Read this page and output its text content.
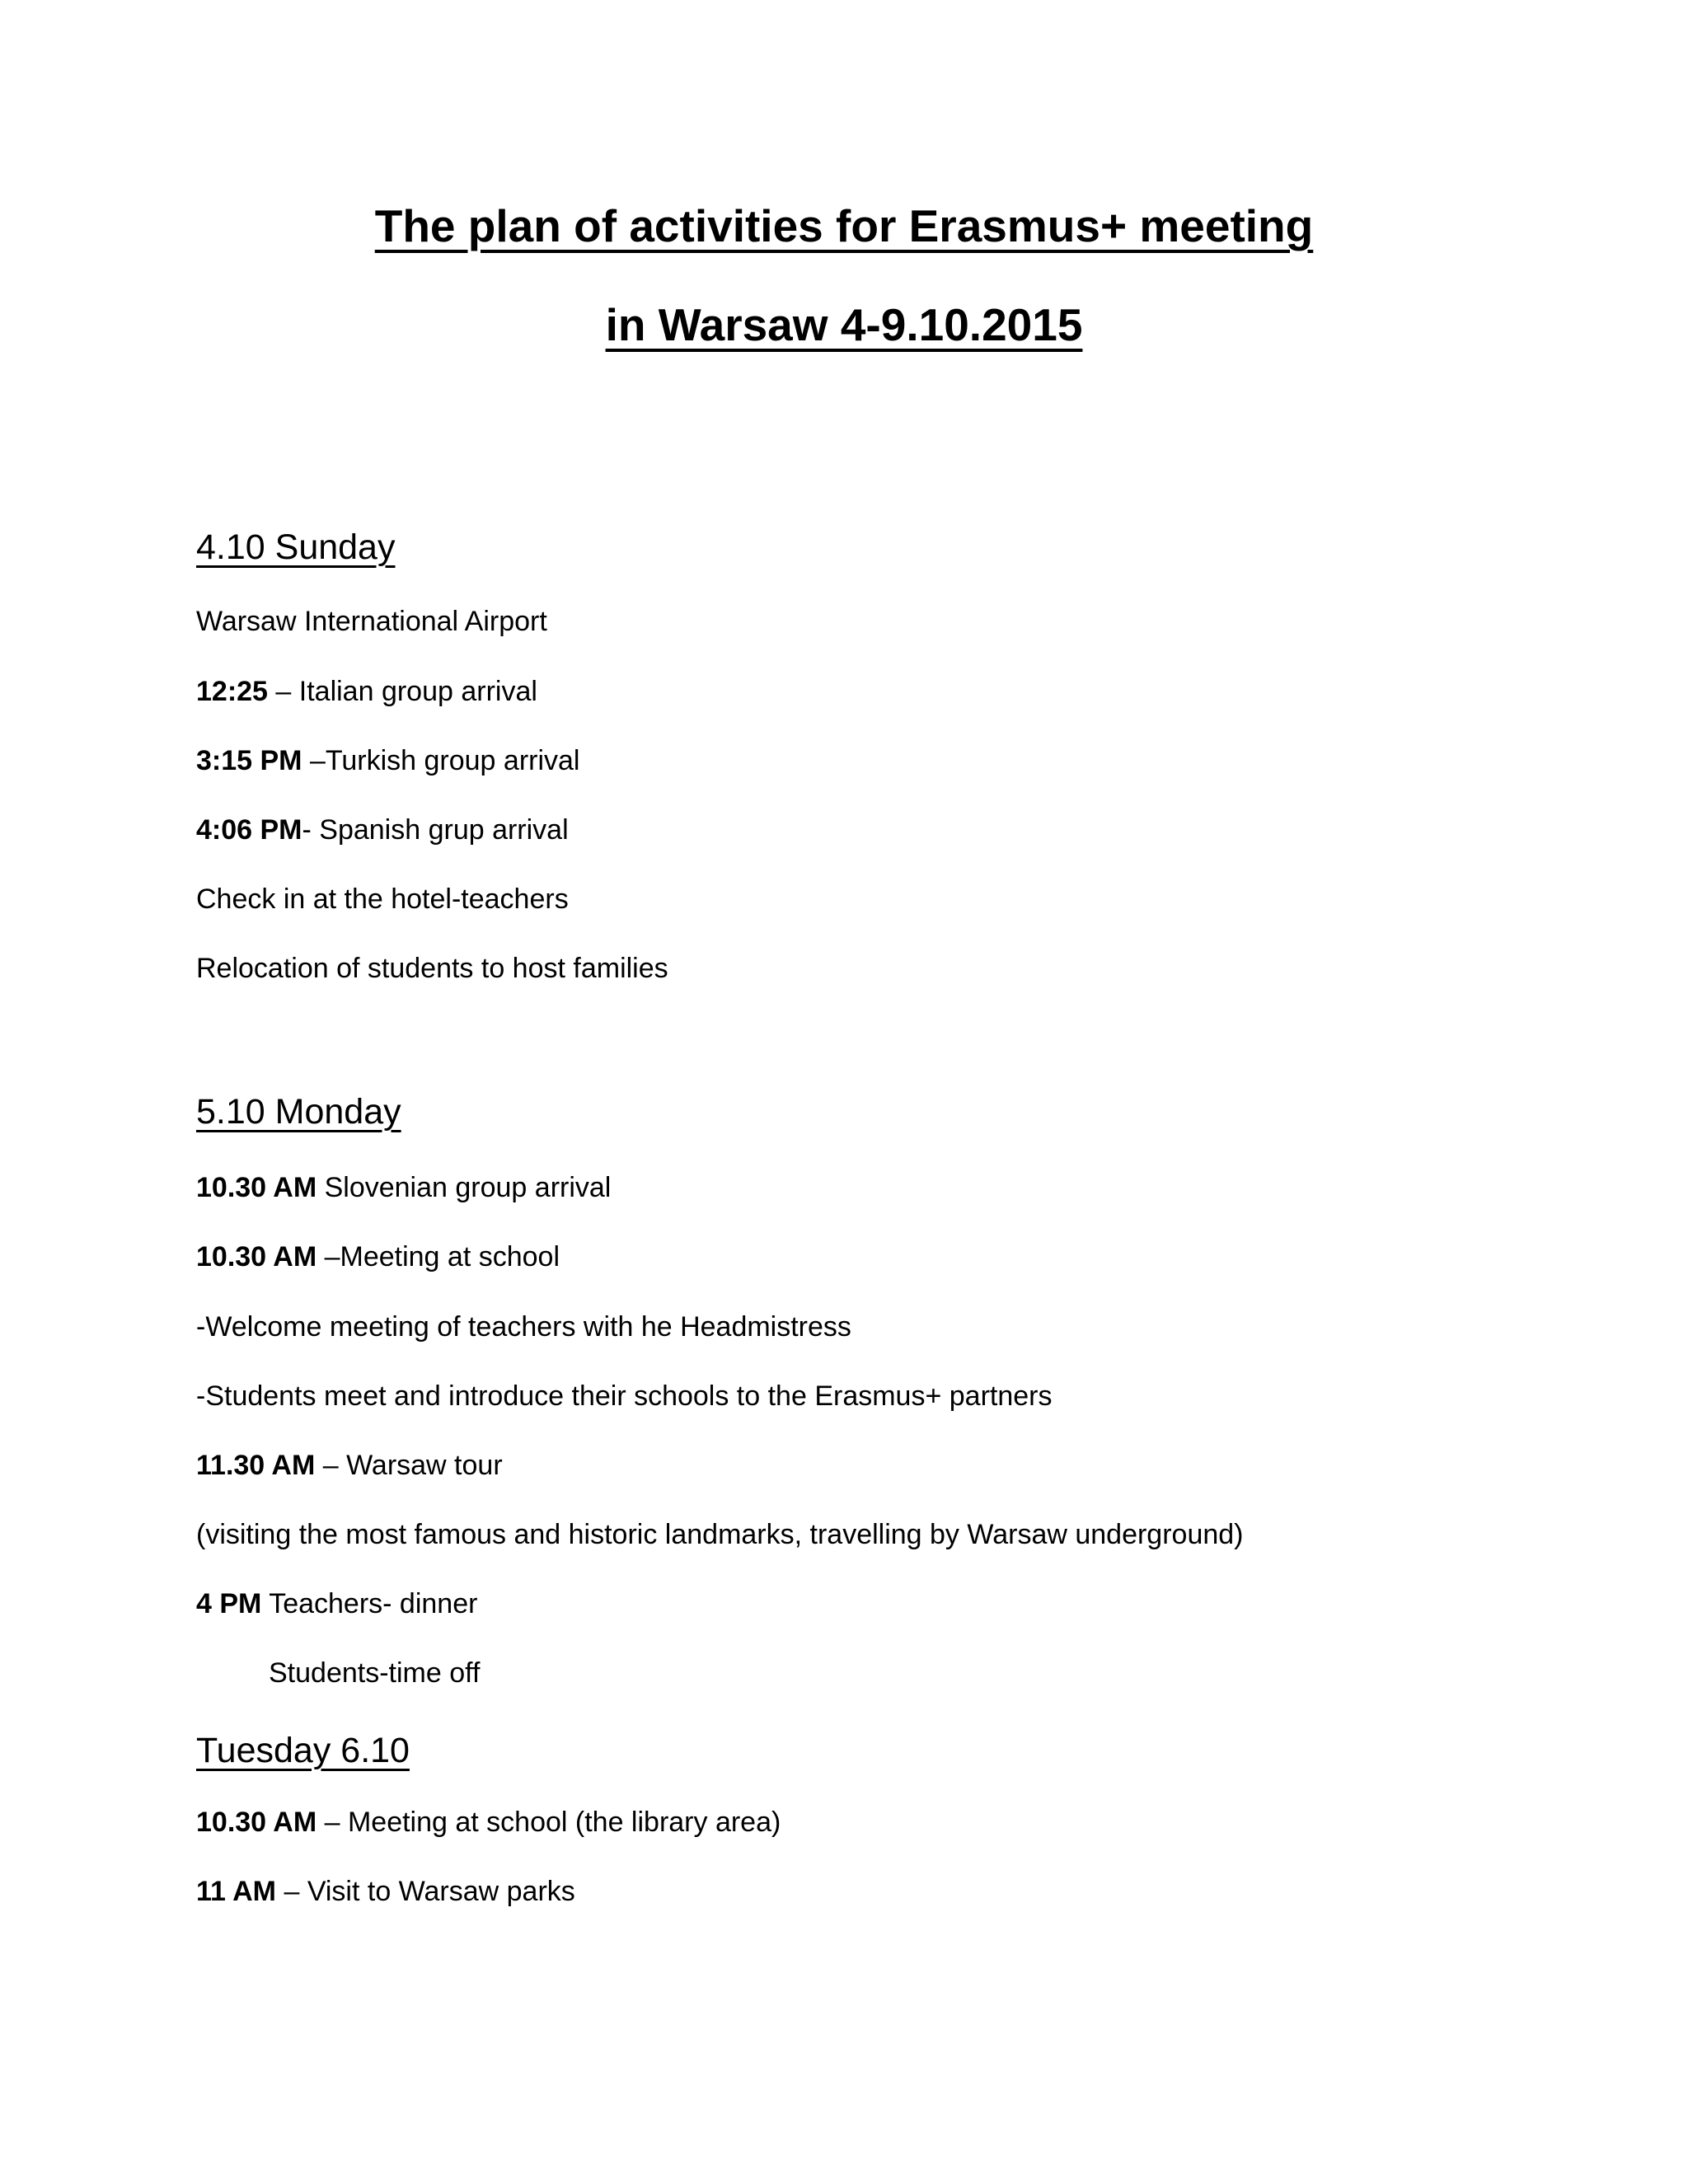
The plan of activities for Erasmus+ meeting
in Warsaw 4-9.10.2015
4.10 Sunday
Warsaw International Airport
12:25 – Italian group arrival
3:15 PM –Turkish group arrival
4:06 PM- Spanish grup arrival
Check in at the hotel-teachers
Relocation of students to host families
5.10 Monday
10.30 AM Slovenian group arrival
10.30 AM –Meeting at school
-Welcome meeting of teachers with he Headmistress
-Students meet and introduce their schools to the Erasmus+ partners
11.30 AM – Warsaw tour
(visiting the most famous and historic landmarks, travelling by Warsaw underground)
4 PM Teachers- dinner
Students-time off
Tuesday 6.10
10.30 AM – Meeting at school (the library area)
11 AM – Visit to Warsaw parks
